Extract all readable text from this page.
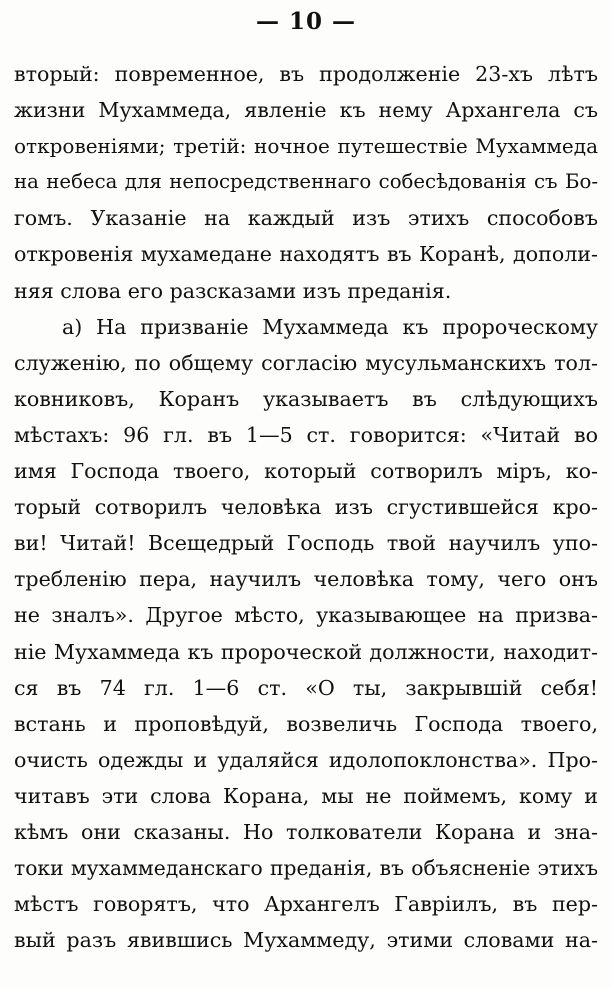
— 10 —
вторый: повременное, въ продолженіе 23-хъ лѣтъ
жизни Мухаммеда, явленіе къ нему Архангела съ
откровеніями; третій: ночное путешествіе Мухаммеда
на небеса для непосредственнаго собесѣдованія съ Бо-
гомъ. Указаніе на каждый изъ этихъ способовъ
откровенія мухамедане находятъ въ Коранѣ, дополи-
няя слова его разсказами изъ преданія.
а) На призваніе Мухаммеда къ пророческому
служенію, по общему согласію мусульманскихъ тол-
ковниковъ, Коранъ указываетъ въ слѣдующихъ
мѣстахъ: 96 гл. въ 1—5 ст. говорится: «Читай во
имя Господа твоего, который сотворилъ міръ, ко-
торый сотворилъ человѣка изъ сгустившейся кро-
ви! Читай! Всещедрый Господь твой научилъ упо-
требленію пера, научилъ человѣка тому, чего онъ
не зналъ». Другое мѣсто, указывающее на призва-
ніе Мухаммеда къ пророческой должности, находит-
ся въ 74 гл. 1—6 ст. «О ты, закрывшій себя!
встань и проповѣдуй, возвеличь Господа твоего,
очисть одежды и удаляйся идолопоклонства». Про-
читавъ эти слова Корана, мы не поймемъ, кому и
кѣмъ они сказаны. Но толкователи Корана и зна-
токи мухаммеданскаго преданія, въ объясненіе этихъ
мѣстъ говорятъ, что Архангелъ Гавріилъ, въ пер-
вый разъ явившись Мухаммеду, этими словами на-
